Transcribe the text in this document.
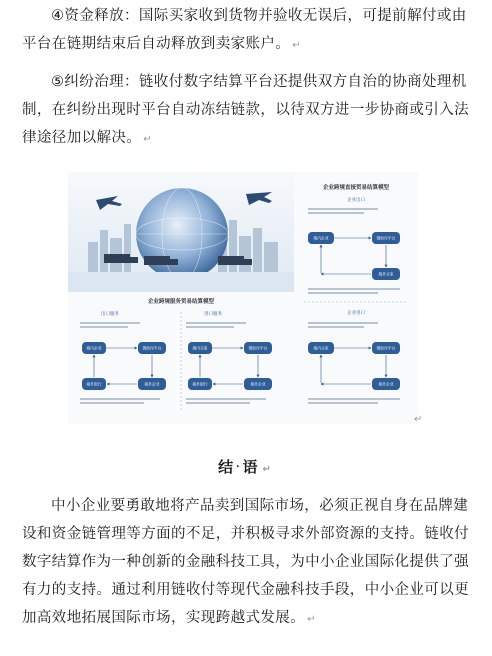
④资金释放：国际买家收到货物并验收无误后，可提前解付或由
平台在链期结束后自动释放到卖家账户。 ↵
⑤纠纷治理：链收付数字结算平台还提供双方自治的协商处理机
制，在纠纷出现时平台自动冻结链款，以待双方进一步协商或引入法
律途径加以解决。 ↵
企业跨境服务贸易结算模型
出口服务	进口服务
境内企业	链收付平台
境外银行	境外企业
境内买家	链收付平台
境外银行	境外企业
企业跨境直接贸易结算模型
企业出口
境内企业	链收付平台
境外买家
企业进口
境内买家	链收付平台
境外企业
↵
结·语 ↵
中小企业要勇敢地将产品卖到国际市场，必须正视自身在品牌建
设和资金链管理等方面的不足，并积极寻求外部资源的支持。链收付
数字结算作为一种创新的金融科技工具，为中小企业国际化提供了强
有力的支持。通过利用链收付等现代金融科技手段，中小企业可以更
加高效地拓展国际市场，实现跨越式发展。 ↵
